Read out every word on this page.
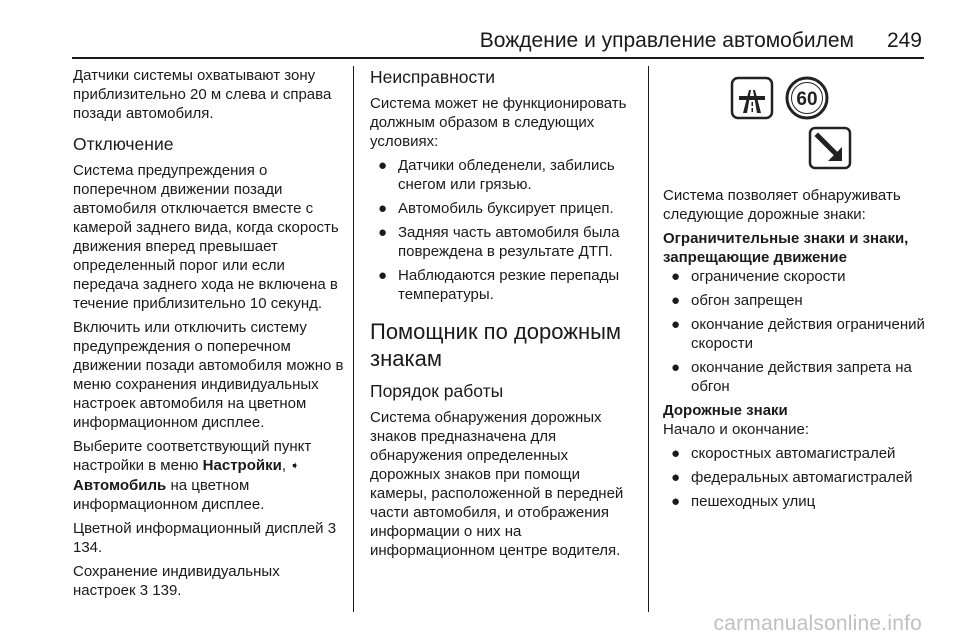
Вождение и управление автомобилем 249

Датчики системы охватывают зону приблизительно 20 м слева и справа позади автомобиля.

Отключение

Система предупреждения о поперечном движении позади автомобиля отключается вместе с камерой заднего вида, когда скорость движения вперед превышает определенный порог или если передача заднего хода не включена в течение приблизительно 10 секунд.

Включить или отключить систему предупреждения о поперечном движении позади автомобиля можно в меню сохранения индивидуальных настроек автомобиля на цветном информационном дисплее.

Выберите соответствующий пункт настройки в меню Настройки, ➧ Автомобиль на цветном информационном дисплее.

Цветной информационный дисплей 3 134.

Сохранение индивидуальных настроек 3 139.

Неисправности

Система может не функционировать должным образом в следующих условиях:

● Датчики обледенели, забились снегом или грязью.
● Автомобиль буксирует прицеп.
● Задняя часть автомобиля была повреждена в результате ДТП.
● Наблюдаются резкие перепады температуры.
Помощник по дорожным знакам
Порядок работы

Система обнаружения дорожных знаков предназначена для обнаружения определенных дорожных знаков при помощи камеры, расположенной в передней части автомобиля, и отображения информации о них на информационном центре водителя.

60

Система позволяет обнаруживать следующие дорожные знаки:

Ограничительные знаки и знаки, запрещающие движение

● ограничение скорости
● обгон запрещен
● окончание действия ограничений скорости
● окончание действия запрета на обгон

Дорожные знаки

Начало и окончание:

● скоростных автомагистралей
● федеральных автомагистралей
● пешеходных улиц
carmanualsonline.info
